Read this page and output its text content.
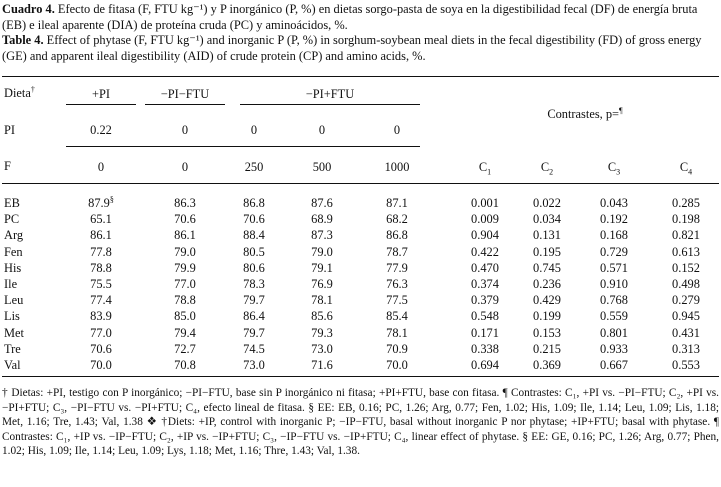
Cuadro 4. Efecto de fitasa (F, FTU kg⁻¹) y P inorgánico (P, %) en dietas sorgo-pasta de soya en la digestibilidad fecal (DF) de energía bruta (EB) e ileal aparente (DIA) de proteína cruda (PC) y aminoácidos, %.
Table 4. Effect of phytase (F, FTU kg⁻¹) and inorganic P (P, %) in sorghum-soybean meal diets in the fecal digestibility (FD) of gross energy (GE) and apparent ileal digestibility (AID) of crude protein (CP) and amino acids, %.
Dieta†	+PI	−PI−FTU	−PI+FTU
Contrastes, p=¶
PI	0.22	0	0	0	0
F	0	0	250	500	1000	$C_1$	$C_2$	$C_3$	$C_4$
EB	87.9§	86.3	86.8	87.6	87.1	0.001	0.022	0.043	0.285
PC	65.1	70.6	70.6	68.9	68.2	0.009	0.034	0.192	0.198
Arg	86.1	86.1	88.4	87.3	86.8	0.904	0.131	0.168	0.821
Fen	77.8	79.0	80.5	79.0	78.7	0.422	0.195	0.729	0.613
His	78.8	79.9	80.6	79.1	77.9	0.470	0.745	0.571	0.152
Ile	75.5	77.0	78.3	76.9	76.3	0.374	0.236	0.910	0.498
Leu	77.4	78.8	79.7	78.1	77.5	0.379	0.429	0.768	0.279
Lis	83.9	85.0	86.4	85.6	85.4	0.548	0.199	0.559	0.945
Met	77.0	79.4	79.7	79.3	78.1	0.171	0.153	0.801	0.431
Tre	70.6	72.7	74.5	73.0	70.9	0.338	0.215	0.933	0.313
Val	70.0	70.8	73.0	71.6	70.0	0.694	0.369	0.667	0.553

† Dietas: +PI, testigo con P inorgánico; −PI−FTU, base sin P inorgánico ni fitasa; +PI+FTU, base con fitasa. ¶ Contrastes: C₁, +PI vs. −PI−FTU; C₂, +PI vs. −PI+FTU; C₃, −PI−FTU vs. −PI+FTU; C₄, efecto lineal de fitasa. § EE: EB, 0.16; PC, 1.26; Arg, 0.77; Fen, 1.02; His, 1.09; Ile, 1.14; Leu, 1.09; Lis, 1.18; Met, 1.16; Tre, 1.43; Val, 1.38 ❖ †Diets: +IP, control with inorganic P; −IP−FTU, basal without inorganic P nor phytase; +IP+FTU; basal with phytase. ¶ Contrastes: C₁, +IP vs. −IP−FTU; C₂, +IP vs. −IP+FTU; C₃, −IP−FTU vs. −IP+FTU; C₄, linear effect of phytase. § EE: GE, 0.16; PC, 1.26; Arg, 0.77; Phen, 1.02; His, 1.09; Ile, 1.14; Leu, 1.09; Lys, 1.18; Met, 1.16; Thre, 1.43; Val, 1.38.
